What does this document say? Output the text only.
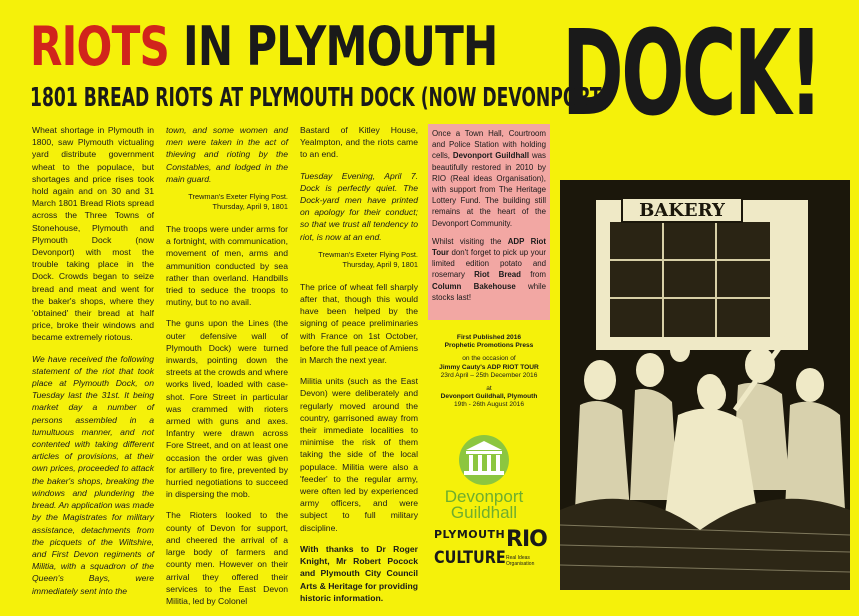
RIOTS IN PLYMOUTH DOCK!
1801 BREAD RIOTS AT PLYMOUTH DOCK (NOW DEVONPORT)

Wheat shortage in Plymouth in 1800, saw Plymouth victualing yard distribute government wheat to the populace, but shortages and price rises took hold again and on 30 and 31 March 1801 Bread Riots spread across the Three Towns of Stonehouse, Plymouth and Plymouth Dock (now Devonport) with most the trouble taking place in the Dock. Crowds began to seize bread and meat and went for the baker's shops, where they 'obtained' their bread at half price, broke their windows and became extremely riotous.

We have received the following statement of the riot that took place at Plymouth Dock, on Tuesday last the 31st. It being market day a number of persons assembled in a tumultuous manner, and not contented with taking different articles of provisions, at their own prices, proceeded to attack the baker's shops, breaking the windows and plundering the bread. An application was made by the Magistrates for military assistance, detachments from the picquets of the Wiltshire, and First Devon regiments of Militia, with a squadron of the Queen's Bays, were immediately sent into the

town, and some women and men were taken in the act of thieving and rioting by the Constables, and lodged in the main guard.

Trewman's Exeter Flying Post.
Thursday, April 9, 1801

The troops were under arms for a fortnight, with communication, movement of men, arms and ammunition conducted by sea rather than overland. Handbills tried to seduce the troops to mutiny, but to no avail.

The guns upon the Lines (the outer defensive wall of Plymouth Dock) were turned inwards, pointing down the streets at the crowds and where works lived, loaded with case-shot. Fore Street in particular was crammed with rioters armed with guns and axes. Infantry were drawn across Fore Street, and on at least one occasion the order was given for artillery to fire, prevented by hurried negotiations to succeed in dispersing the mob.

The Rioters looked to the county of Devon for support, and cheered the arrival of a large body of farmers and county men. However on their arrival they offered their services to the East Devon Militia, led by Colonel

Bastard of Kitley House, Yealmpton, and the riots came to an end.

Tuesday Evening, April 7. Dock is perfectly quiet. The Dock-yard men have printed on apology for their conduct; so that we trust all tendency to riot, is now at an end.

Trewman's Exeter Flying Post.
Thursday, April 9, 1801

The price of wheat fell sharply after that, though this would have been helped by the signing of peace preliminaries with France on 1st October, before the full peace of Amiens in March the next year.

Militia units (such as the East Devon) were deliberately and regularly moved around the country, garrisoned away from their immediate localities to minimise the risk of them taking the side of the local populace. Militia were also a 'feeder' to the regular army, were often led by experienced army officers, and were subject to full military discipline.

With thanks to Dr Roger Knight, Mr Robert Pocock and Plymouth City Council Arts & Heritage for providing historic information.

Once a Town Hall, Courtroom and Police Station with holding cells, Devonport Guildhall was beautifully restored in 2010 by RIO (Real ideas Organisation), with support from The Heritage Lottery Fund. The building still remains at the heart of the Devonport Community.

Whilst visiting the ADP Riot Tour don't forget to pick up your limited edition potato and rosemary Riot Bread from Column Bakehouse while stocks last!

First Published 2016
Prophetic Promotions Press
on the occasion of
Jimmy Cauty's ADP RIOT TOUR
23rd April – 25th December 2016
at
Devonport Guildhall, Plymouth
19th - 26th August 2016
Devonport
Guildhall
PLYMOUTH
CULTURE
RIO
Real Ideas
Organisation
BAKERY
